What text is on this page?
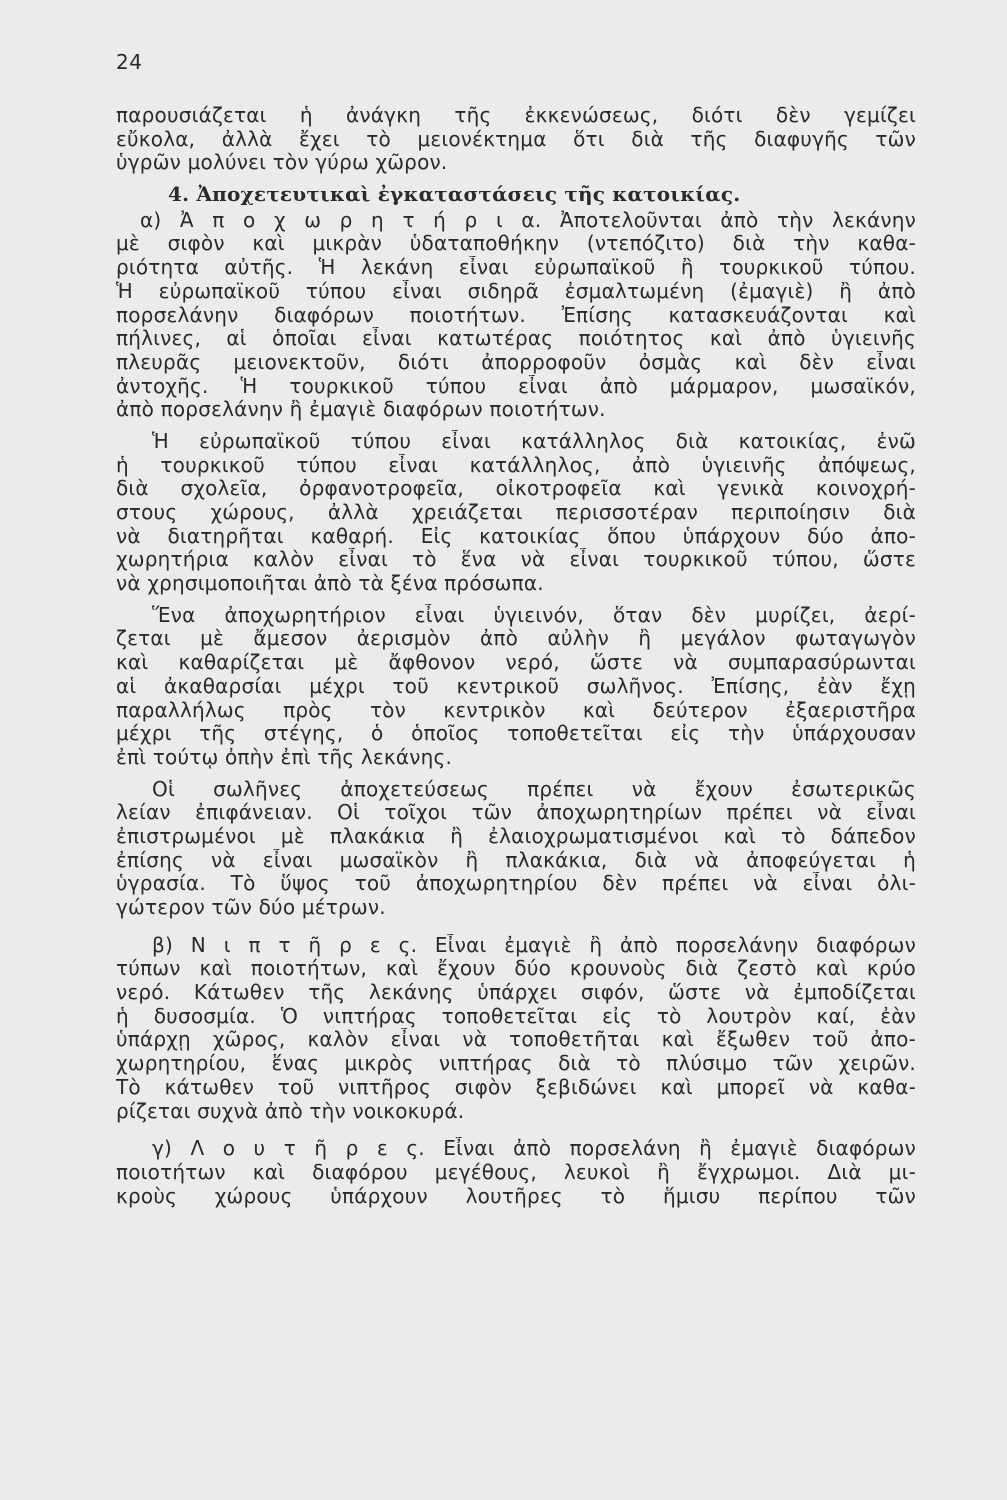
24
παρουσιάζεται ἡ ἀνάγκη τῆς ἐκκενώσεως, διότι δὲν γεμίζει
εὔκολα, ἀλλὰ ἔχει τὸ μειονέκτημα ὅτι διὰ τῆς διαφυγῆς τῶν
ὑγρῶν μολύνει τὸν γύρω χῶρον.
4. Ἀποχετευτικαὶ ἐγκαταστάσεις τῆς κατοικίας.
α) Ἀ π ο χ ω ρ η τ ή ρ ι α. Ἀποτελοῦνται ἀπὸ τὴν λεκάνην
μὲ σιφὸν καὶ μικρὰν ὑδαταποθήκην (ντεπόζιτο) διὰ τὴν καθα-
ριότητα αὐτῆς. Ἡ λεκάνη εἶναι εὐρωπαϊκοῦ ἢ τουρκικοῦ τύπου.
Ἡ εὐρωπαϊκοῦ τύπου εἶναι σιδηρᾶ ἐσμαλτωμένη (ἐμαγιὲ) ἢ ἀπὸ
πορσελάνην διαφόρων ποιοτήτων. Ἐπίσης κατασκευάζονται καὶ
πήλινες, αἱ ὁποῖαι εἶναι κατωτέρας ποιότητος καὶ ἀπὸ ὑγιεινῆς
πλευρᾶς μειονεκτοῦν, διότι ἀπορροφοῦν ὀσμὰς καὶ δὲν εἶναι
ἀντοχῆς. Ἡ τουρκικοῦ τύπου εἶναι ἀπὸ μάρμαρον, μωσαϊκόν,
ἀπὸ πορσελάνην ἢ ἐμαγιὲ διαφόρων ποιοτήτων.
Ἡ εὐρωπαϊκοῦ τύπου εἶναι κατάλληλος διὰ κατοικίας, ἐνῶ
ἡ τουρκικοῦ τύπου εἶναι κατάλληλος, ἀπὸ ὑγιεινῆς ἀπόψεως,
διὰ σχολεῖα, ὀρφανοτροφεῖα, οἰκοτροφεῖα καὶ γενικὰ κοινοχρή-
στους χώρους, ἀλλὰ χρειάζεται περισσοτέραν περιποίησιν διὰ
νὰ διατηρῆται καθαρή. Εἰς κατοικίας ὅπου ὑπάρχουν δύο ἀπο-
χωρητήρια καλὸν εἶναι τὸ ἕνα νὰ εἶναι τουρκικοῦ τύπου, ὥστε
νὰ χρησιμοποιῆται ἀπὸ τὰ ξένα πρόσωπα.
Ἕνα ἀποχωρητήριον εἶναι ὑγιεινόν, ὅταν δὲν μυρίζει, ἀερί-
ζεται μὲ ἄμεσον ἀερισμὸν ἀπὸ αὐλὴν ἢ μεγάλον φωταγωγὸν
καὶ καθαρίζεται μὲ ἄφθονον νερό, ὥστε νὰ συμπαρασύρωνται
αἱ ἀκαθαρσίαι μέχρι τοῦ κεντρικοῦ σωλῆνος. Ἐπίσης, ἐὰν ἔχῃ
παραλλήλως πρὸς τὸν κεντρικὸν καὶ δεύτερον ἐξαεριστῆρα
μέχρι τῆς στέγης, ὁ ὁποῖος τοποθετεῖται εἰς τὴν ὑπάρχουσαν
ἐπὶ τούτῳ ὀπὴν ἐπὶ τῆς λεκάνης.
Οἱ σωλῆνες ἀποχετεύσεως πρέπει νὰ ἔχουν ἐσωτερικῶς
λείαν ἐπιφάνειαν. Οἱ τοῖχοι τῶν ἀποχωρητηρίων πρέπει νὰ εἶναι
ἐπιστρωμένοι μὲ πλακάκια ἢ ἐλαιοχρωματισμένοι καὶ τὸ δάπεδον
ἐπίσης νὰ εἶναι μωσαϊκὸν ἢ πλακάκια, διὰ νὰ ἀποφεύγεται ἡ
ὑγρασία. Τὸ ὕψος τοῦ ἀποχωρητηρίου δὲν πρέπει νὰ εἶναι ὀλι-
γώτερον τῶν δύο μέτρων.
β) Ν ι π τ ῆ ρ ε ς. Εἶναι ἐμαγιὲ ἢ ἀπὸ πορσελάνην διαφόρων
τύπων καὶ ποιοτήτων, καὶ ἔχουν δύο κρουνοὺς διὰ ζεστὸ καὶ κρύο
νερό. Κάτωθεν τῆς λεκάνης ὑπάρχει σιφόν, ὥστε νὰ ἐμποδίζεται
ἡ δυσοσμία. Ὁ νιπτήρας τοποθετεῖται εἰς τὸ λουτρὸν καί, ἐὰν
ὑπάρχῃ χῶρος, καλὸν εἶναι νὰ τοποθετῆται καὶ ἔξωθεν τοῦ ἀπο-
χωρητηρίου, ἕνας μικρὸς νιπτήρας διὰ τὸ πλύσιμο τῶν χειρῶν.
Τὸ κάτωθεν τοῦ νιπτῆρος σιφὸν ξεβιδώνει καὶ μπορεῖ νὰ καθα-
ρίζεται συχνὰ ἀπὸ τὴν νοικοκυρά.
γ) Λ ο υ τ ῆ ρ ε ς. Εἶναι ἀπὸ πορσελάνη ἢ ἐμαγιὲ διαφόρων
ποιοτήτων καὶ διαφόρου μεγέθους, λευκοὶ ἢ ἔγχρωμοι. Διὰ μι-
κροὺς χώρους ὑπάρχουν λουτῆρες τὸ ἥμισυ περίπου τῶν
